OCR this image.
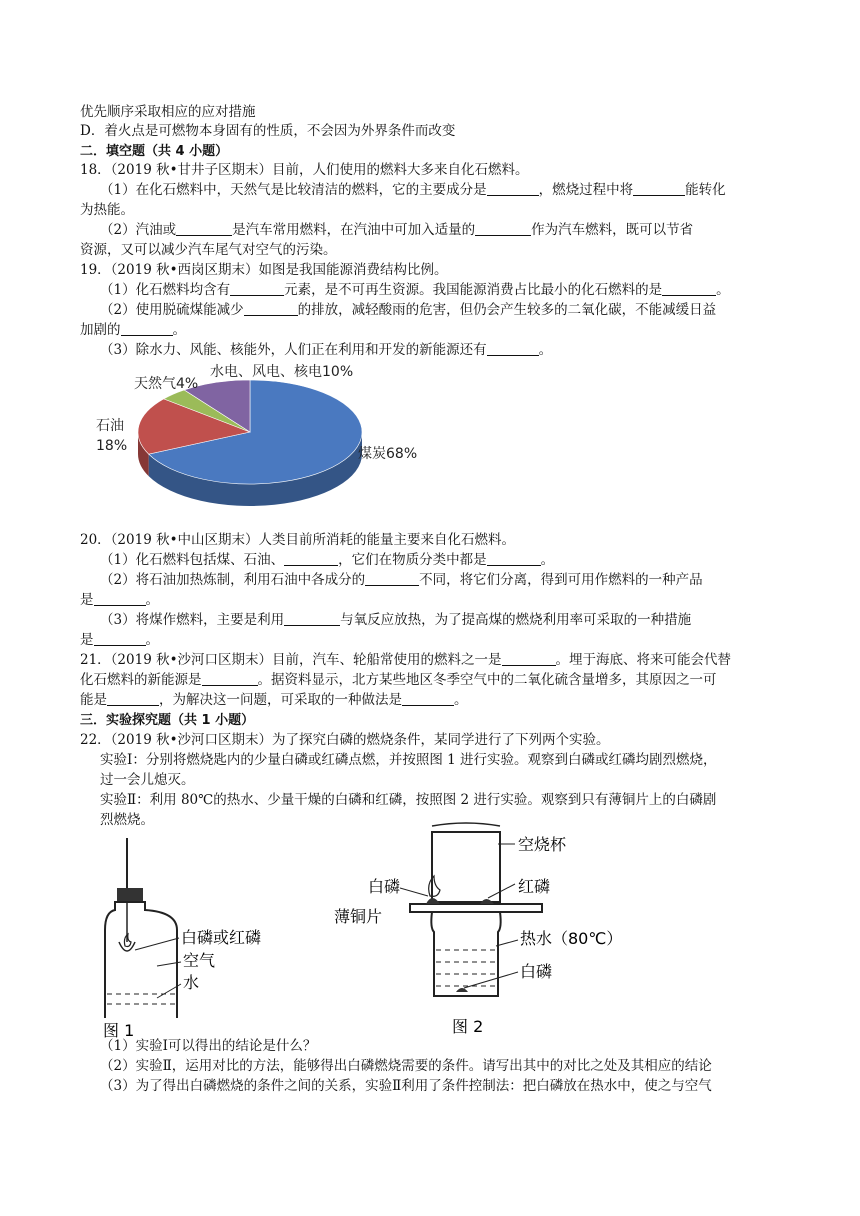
优先顺序采取相应的应对措施
D．着火点是可燃物本身固有的性质，不会因为外界条件而改变
二．填空题（共 4 小题）
18．（2019 秋•甘井子区期末）目前，人们使用的燃料大多来自化石燃料。
（1）在化石燃料中，天然气是比较清洁的燃料，它的主要成分是	，燃烧过程中将	能转化
为热能。
（2）汽油或	是汽车常用燃料，在汽油中可加入适量的	作为汽车燃料，既可以节省
资源，又可以减少汽车尾气对空气的污染。
19．（2019 秋•西岗区期末）如图是我国能源消费结构比例。
（1）化石燃料均含有	元素，是不可再生资源。我国能源消费占比最小的化石燃料的是	。
（2）使用脱硫煤能减少	的排放，减轻酸雨的危害，但仍会产生较多的二氧化碳，不能减缓日益
加剧的	。
（3）除水力、风能、核能外，人们正在利用和开发的新能源还有	。
煤炭68%
石油
18%
天然气4%
水电、风电、核电10%
20．（2019 秋•中山区期末）人类目前所消耗的能量主要来自化石燃料。
（1）化石燃料包括煤、石油、	，它们在物质分类中都是	。
（2）将石油加热炼制，利用石油中各成分的	不同，将它们分离，得到可用作燃料的一种产品
是	。
（3）将煤作燃料，主要是利用	与氧反应放热，为了提高煤的燃烧利用率可采取的一种措施
是	。
21．（2019 秋•沙河口区期末）目前，汽车、轮船常使用的燃料之一是	。埋于海底、将来可能会代替
化石燃料的新能源是	。据资料显示，北方某些地区冬季空气中的二氧化硫含量增多，其原因之一可
能是	，为解决这一问题，可采取的一种做法是	。
三．实验探究题（共 1 小题）
22．（2019 秋•沙河口区期末）为了探究白磷的燃烧条件，某同学进行了下列两个实验。
实验Ⅰ：分别将燃烧匙内的少量白磷或红磷点燃，并按照图 1 进行实验。观察到白磷或红磷均剧烈燃烧，
过一会儿熄灭。
实验Ⅱ：利用 80℃的热水、少量干燥的白磷和红磷，按照图 2 进行实验。观察到只有薄铜片上的白磷剧
烈燃烧。
白磷或红磷
空气
水
图 1
空烧杯
白磷	红磷
薄铜片
热水（80℃）
白磷
图 2
（1）实验Ⅰ可以得出的结论是什么？
（2）实验Ⅱ，运用对比的方法，能够得出白磷燃烧需要的条件。请写出其中的对比之处及其相应的结论
（3）为了得出白磷燃烧的条件之间的关系，实验Ⅱ利用了条件控制法：把白磷放在热水中，使之与空气
